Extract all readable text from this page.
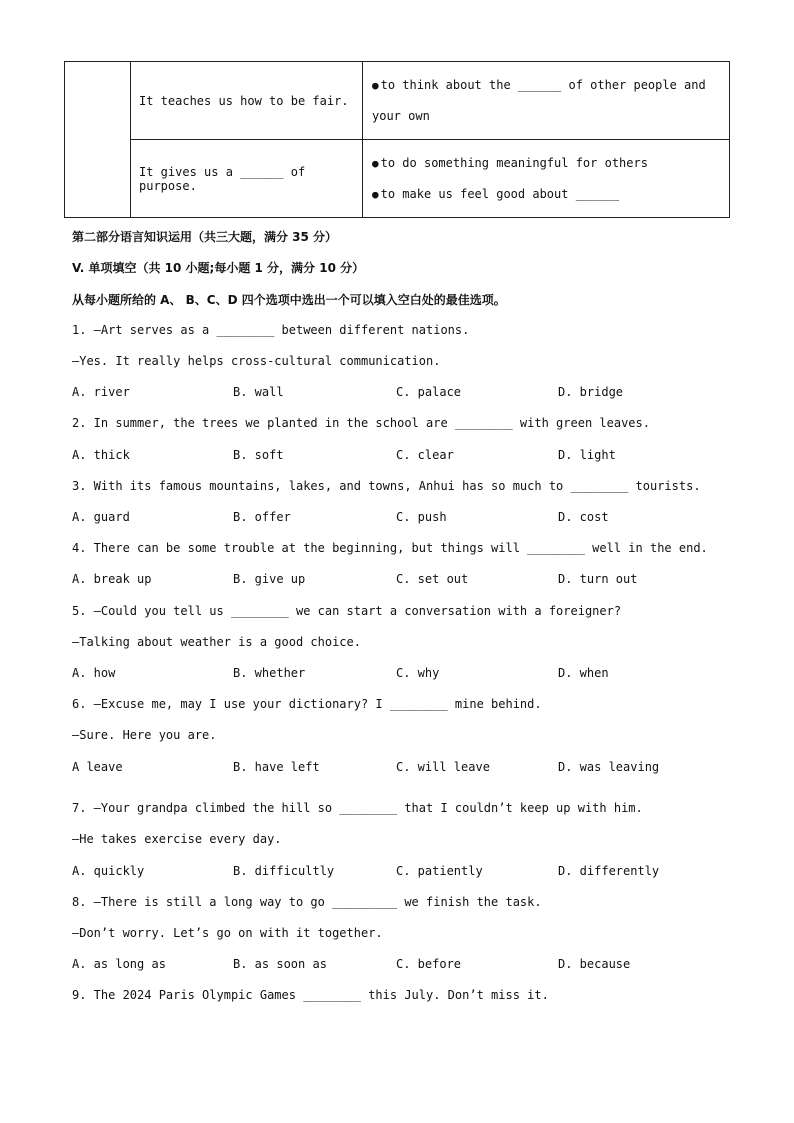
	It teaches us how to be fair.	● to think about the ______ of other people and your own

	It gives us a ______ of purpose.	● to do something meaningful for others
● to make us feel good about ______
第二部分语言知识运用（共三大题，满分 35 分）
V. 单项填空（共 10 小题;每小题 1 分，满分 10 分）
从每小题所给的 A、 B、C、D 四个选项中选出一个可以填入空白处的最佳选项。
1. —Art serves as a ________ between different nations.
—Yes. It really helps cross-cultural communication.
A. river	B. wall	C. palace	D. bridge
2. In summer, the trees we planted in the school are ________ with green leaves.
A. thick	B. soft	C. clear	D. light
3. With its famous mountains, lakes, and towns, Anhui has so much to ________ tourists.
A. guard	B. offer	C. push	D. cost
4. There can be some trouble at the beginning, but things will ________ well in the end.
A. break up	B. give up	C. set out	D. turn out
5. —Could you tell us ________ we can start a conversation with a foreigner?
—Talking about weather is a good choice.
A. how	B. whether	C. why	D. when
6. —Excuse me, may I use your dictionary? I ________ mine behind.
—Sure. Here you are.
A leave	B. have left	C. will leave	D. was leaving
7. —Your grandpa climbed the hill so ________ that I couldn’t keep up with him.
—He takes exercise every day.
A. quickly	B. difficultly	C. patiently	D. differently
8. —There is still a long way to go _________ we finish the task.
—Don’t worry. Let’s go on with it together.
A. as long as	B. as soon as	C. before	D. because
9. The 2024 Paris Olympic Games ________ this July. Don’t miss it.
